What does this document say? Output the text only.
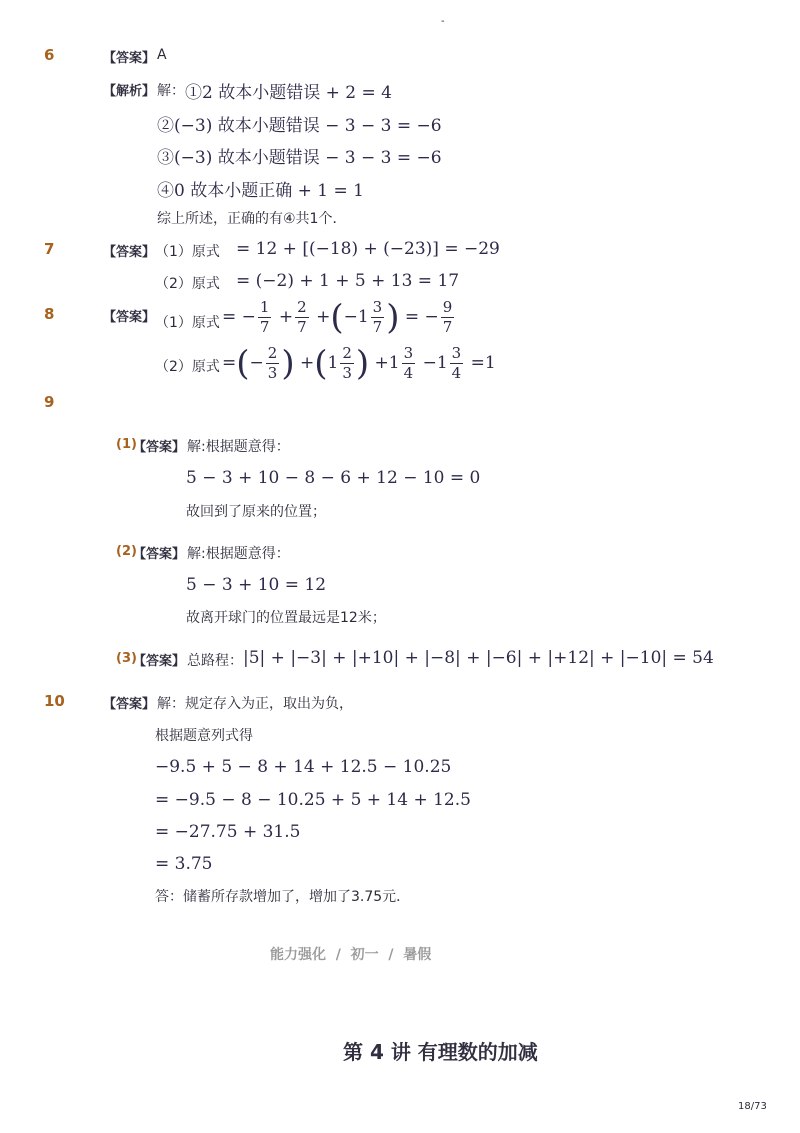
-
6	【答案】 A
【解析】 解： ①2 故本小题错误 + 2 = 4
②(−3) 故本小题错误 − 3 − 3 = −6
③(−3) 故本小题错误 − 3 − 3 = −6
④0 故本小题正确 + 1 = 1
综上所述，正确的有④共1个．
7	【答案】 （1）原式 = 12 + [(−18) + (−23)] = −29
（2）原式 = (−2) + 1 + 5 + 13 = 17
8	【答案】 （1）原式 = − $\frac{1}{7} + \frac{2}{7} +(-1 \frac{3}{7}$ ) = − $\frac{9}{7}$
（2）原式 =(− $\frac{2}{3}$ ) $+(1 \frac{2}{3}$ ) $+1 \frac{3}{4} -1 \frac{3}{4} =1$
9
(1)
【答案】 解:根据题意得：
5 − 3 + 10 − 8 − 6 + 12 − 10 = 0
故回到了原来的位置；
(2)
【答案】 解:根据题意得：
5 − 3 + 10 = 12
故离开球门的位置最远是12米；
(3)
【答案】 总路程： |5| + |−3| + |+10| + |−8| + |−6| + |+12| + |−10| = 54
10	【答案】 解：规定存入为正，取出为负，
根据题意列式得
−9.5 + 5 − 8 + 14 + 12.5 − 10.25
= −9.5 − 8 − 10.25 + 5 + 14 + 12.5
= −27.75 + 31.5
= 3.75
答：储蓄所存款增加了，增加了3.75元．
能力强化  /  初一  /  暑假
第 4 讲 有理数的加减
18/73
